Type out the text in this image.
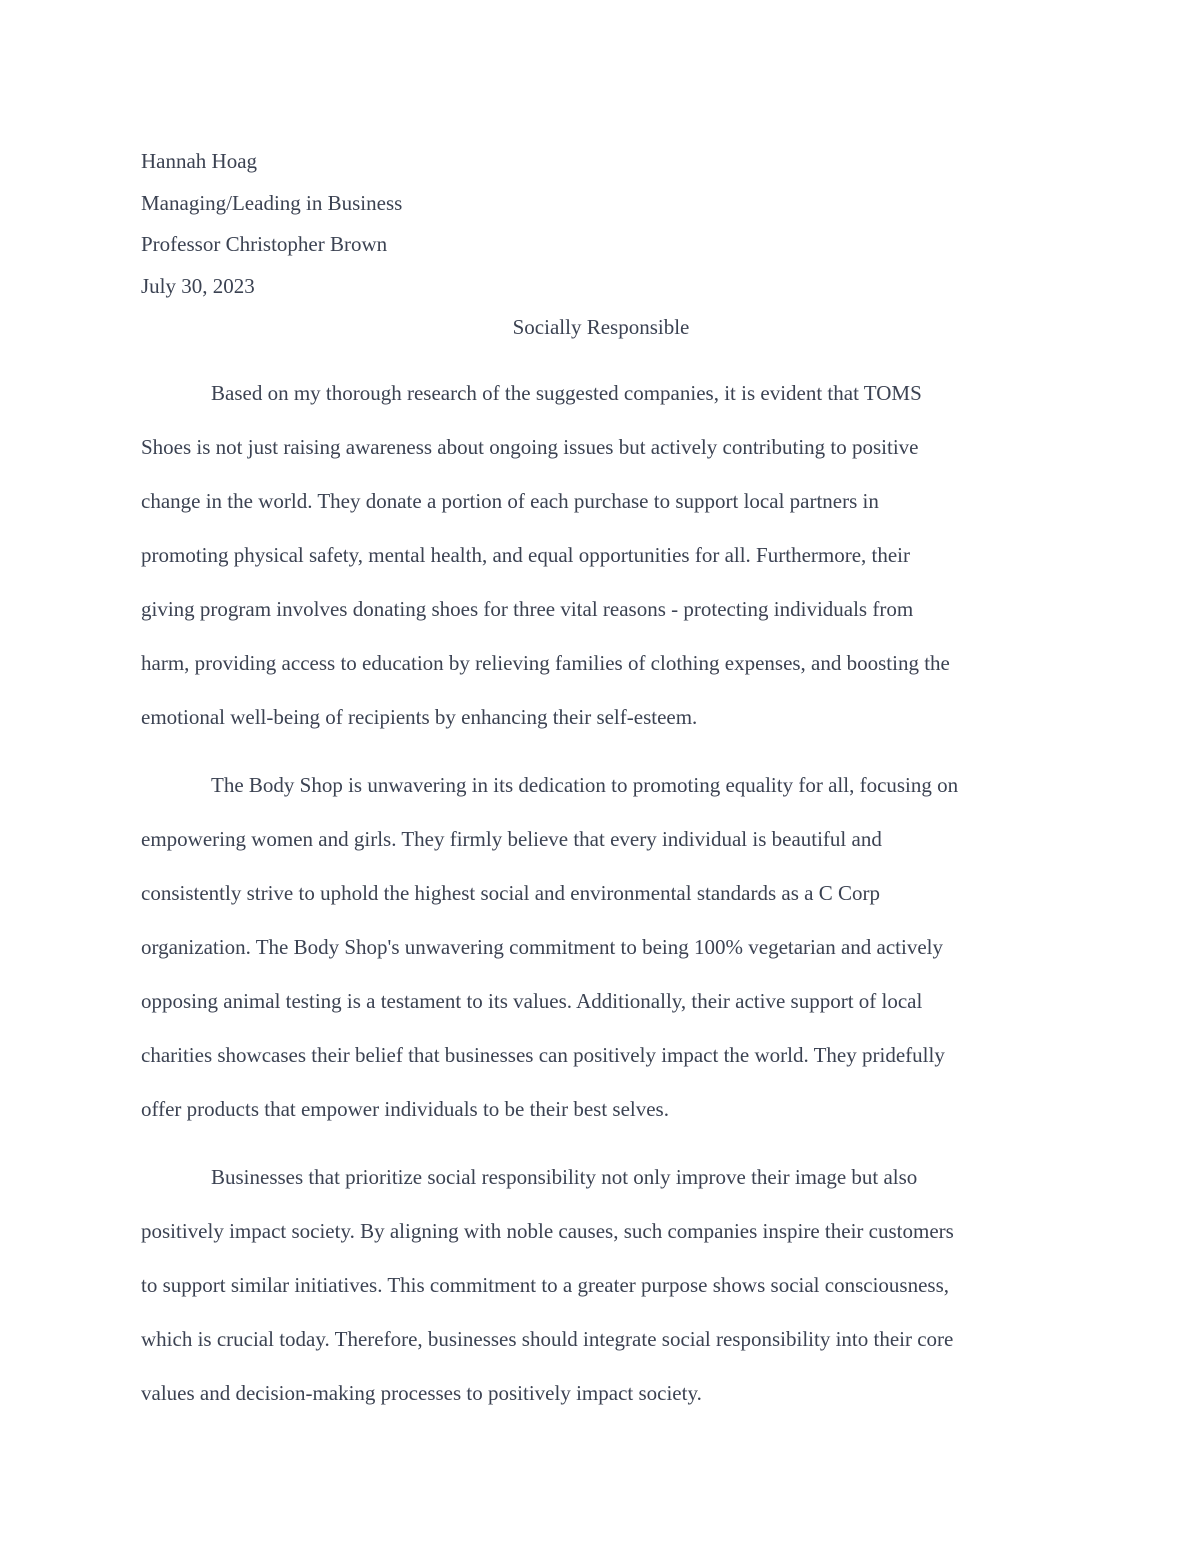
Hannah Hoag
Managing/Leading in Business
Professor Christopher Brown
July 30, 2023
Socially Responsible
Based on my thorough research of the suggested companies, it is evident that TOMS
Shoes is not just raising awareness about ongoing issues but actively contributing to positive
change in the world. They donate a portion of each purchase to support local partners in
promoting physical safety, mental health, and equal opportunities for all. Furthermore, their
giving program involves donating shoes for three vital reasons - protecting individuals from
harm, providing access to education by relieving families of clothing expenses, and boosting the
emotional well-being of recipients by enhancing their self-esteem.
The Body Shop is unwavering in its dedication to promoting equality for all, focusing on
empowering women and girls. They firmly believe that every individual is beautiful and
consistently strive to uphold the highest social and environmental standards as a C Corp
organization. The Body Shop's unwavering commitment to being 100% vegetarian and actively
opposing animal testing is a testament to its values. Additionally, their active support of local
charities showcases their belief that businesses can positively impact the world. They pridefully
offer products that empower individuals to be their best selves.
Businesses that prioritize social responsibility not only improve their image but also
positively impact society. By aligning with noble causes, such companies inspire their customers
to support similar initiatives. This commitment to a greater purpose shows social consciousness,
which is crucial today. Therefore, businesses should integrate social responsibility into their core
values and decision-making processes to positively impact society.
